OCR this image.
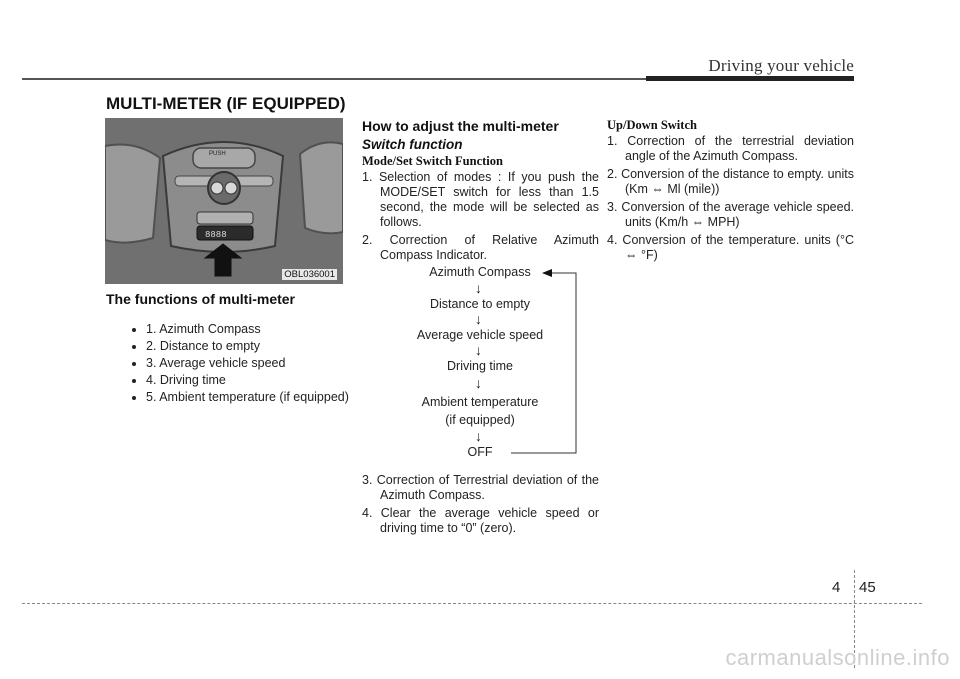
Driving your vehicle
MULTI-METER (IF EQUIPPED)
PUSH
8888
OBL036001
The functions of multi-meter
• 1. Azimuth Compass
• 2. Distance to empty
• 3. Average vehicle speed
• 4. Driving time
• 5. Ambient temperature (if equipped)
How to adjust the multi-meter
Switch function
Mode/Set Switch Function
1. Selection of modes : If you push the MODE/SET switch for less than 1.5 second, the mode will be selected as follows.
2. Correction of Relative Azimuth Compass Indicator.
Azimuth Compass
↓
Distance to empty
↓
Average vehicle speed
↓
Driving time
↓
Ambient temperature
(if equipped)
↓
OFF
3. Correction of Terrestrial deviation of the Azimuth Compass.
4. Clear the average vehicle speed or driving time to “0” (zero).
Up/Down Switch
1. Correction of the terrestrial deviation angle of the Azimuth Compass.
2. Conversion of the distance to empty. units (Km ⇔ Ml (mile))
3. Conversion of the average vehicle speed. units (Km/h ⇔ MPH)
4. Conversion of the temperature. units (°C ⇔ °F)
4 45
carmanualsonline.info
